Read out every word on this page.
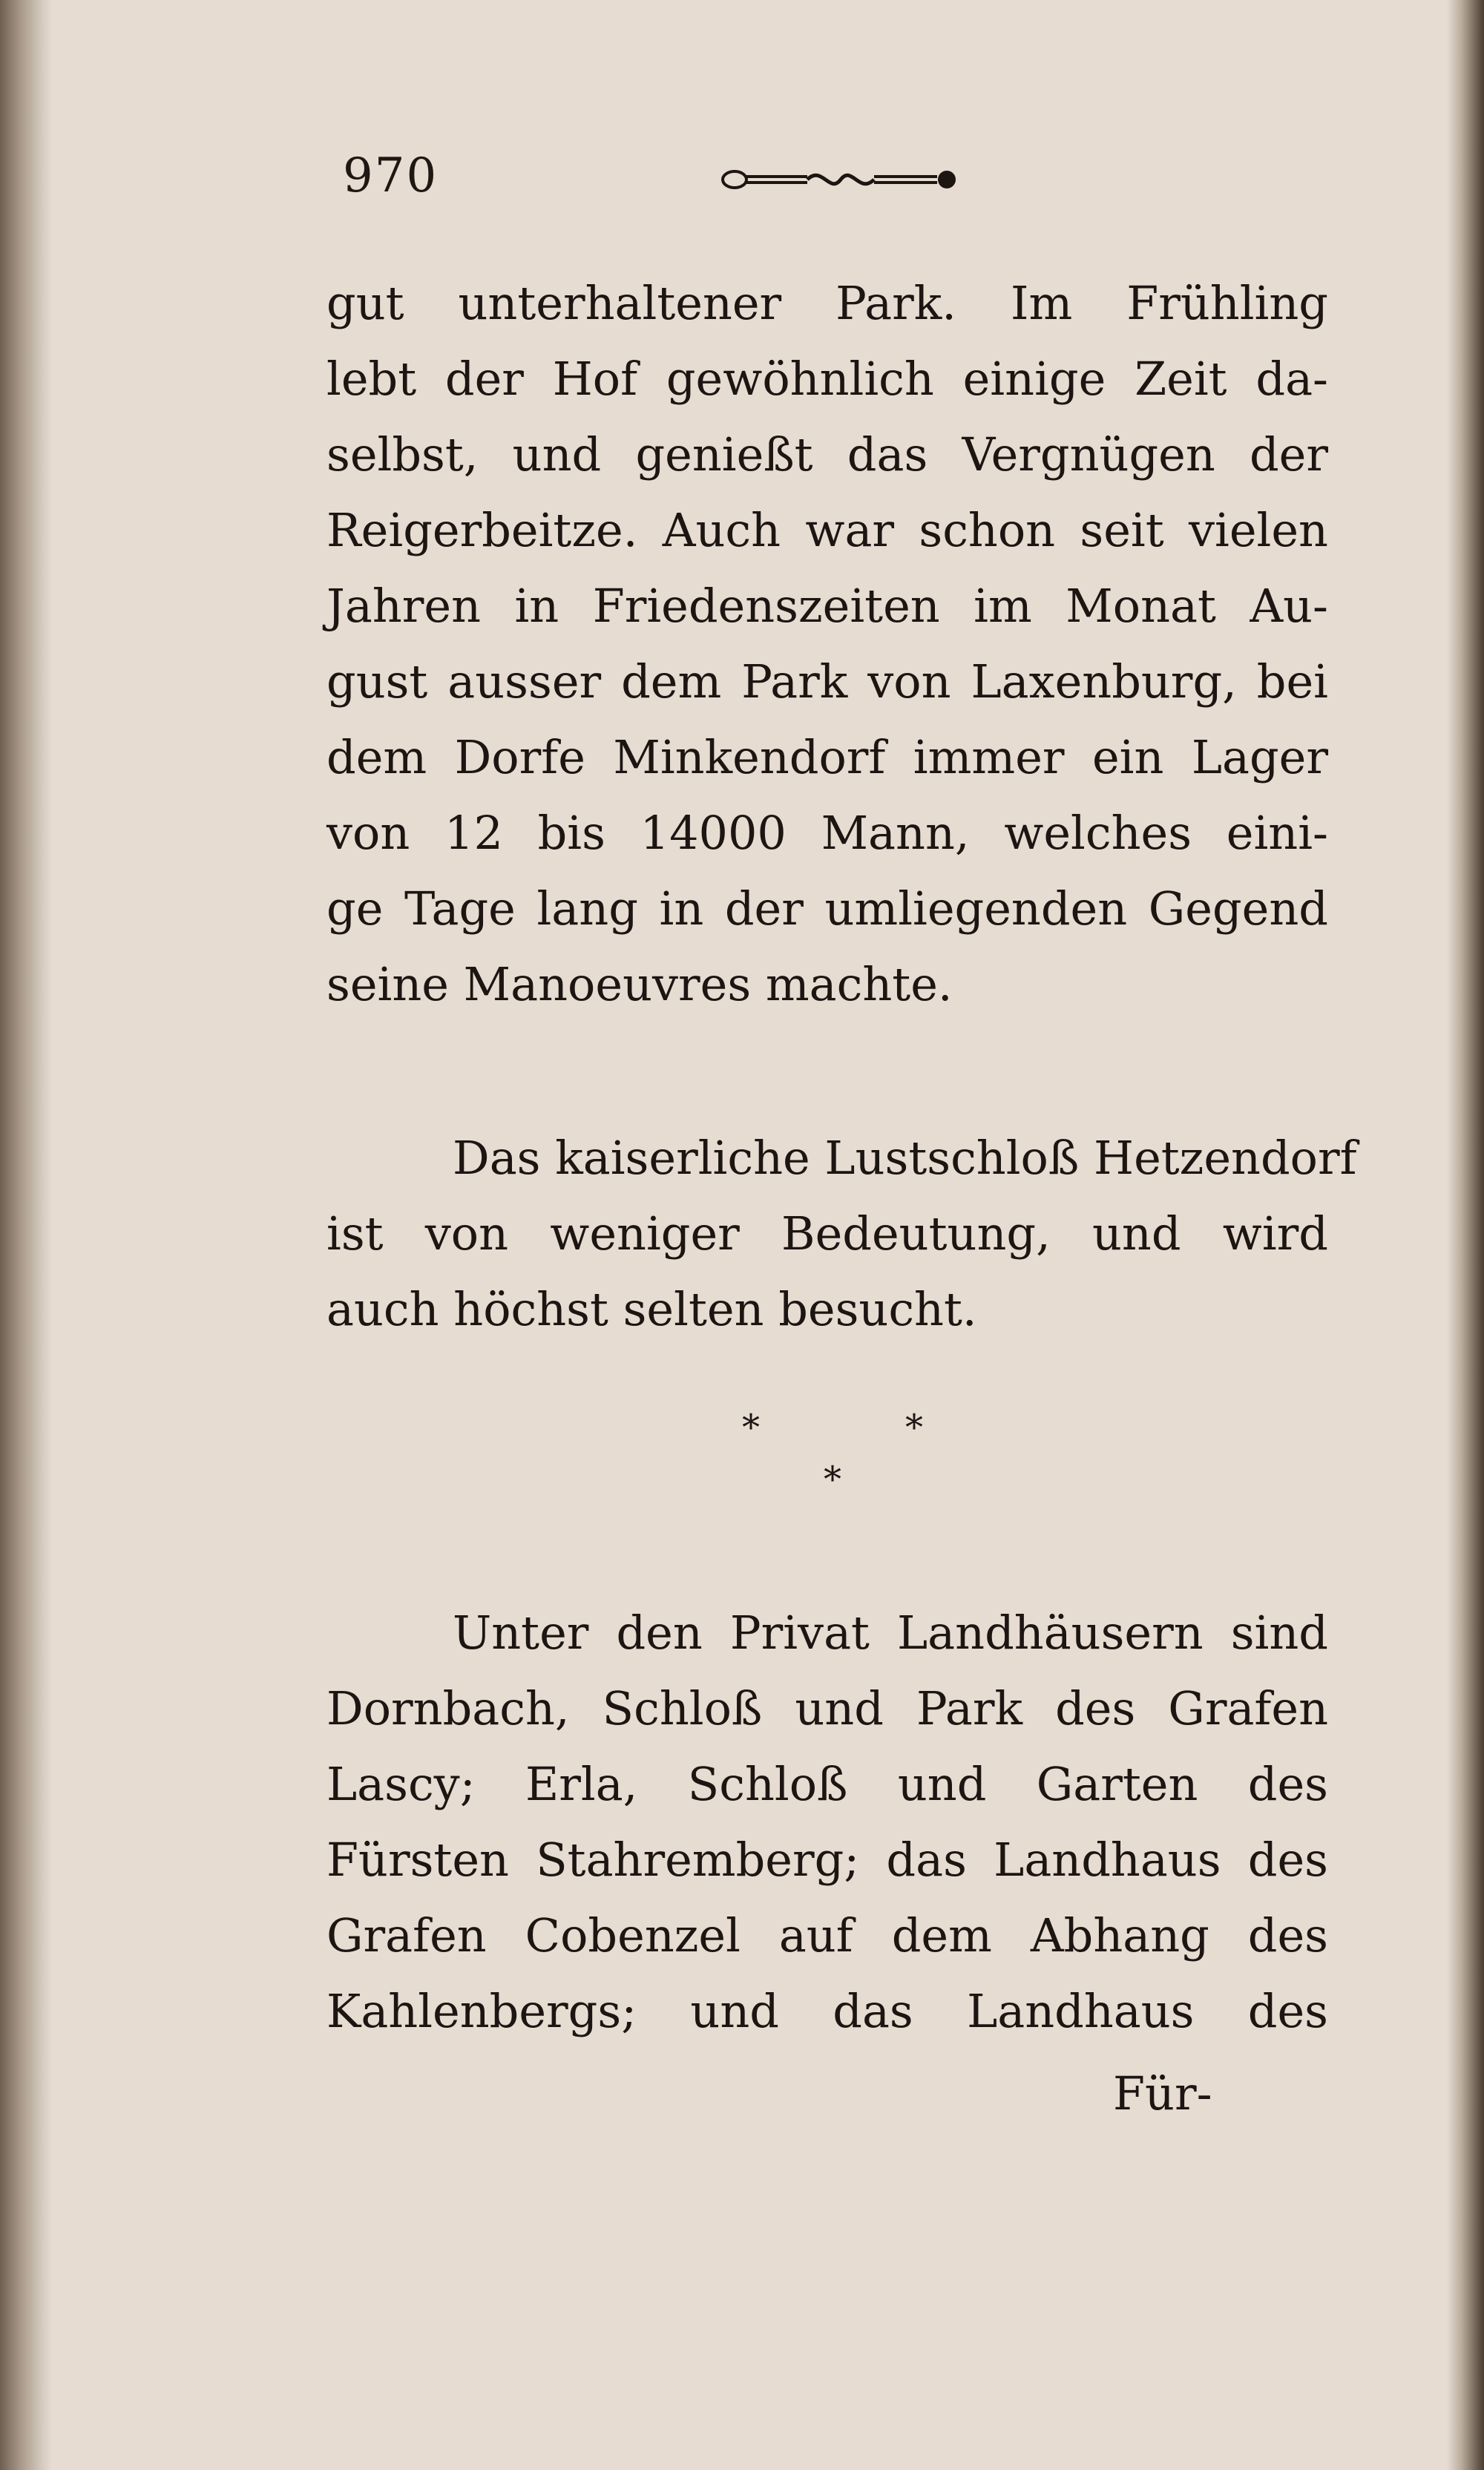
970
gut unterhaltener Park. Im Frühling
lebt der Hof gewöhnlich einige Zeit da-
selbst, und genießt das Vergnügen der
Reigerbeitze. Auch war schon seit vielen
Jahren in Friedenszeiten im Monat Au-
gust ausser dem Park von Laxenburg, bei
dem Dorfe Minkendorf immer ein Lager
von 12 bis 14000 Mann, welches eini-
ge Tage lang in der umliegenden Gegend
seine Manoeuvres machte.
Das kaiserliche Lustschloß Hetzendorf
ist von weniger Bedeutung, und wird
auch höchst selten besucht.
*	*
*
Unter den Privat Landhäusern sind
Dornbach, Schloß und Park des Grafen
Lascy; Erla, Schloß und Garten des
Fürsten Stahremberg; das Landhaus des
Grafen Cobenzel auf dem Abhang des
Kahlenbergs; und das Landhaus des
Für-
